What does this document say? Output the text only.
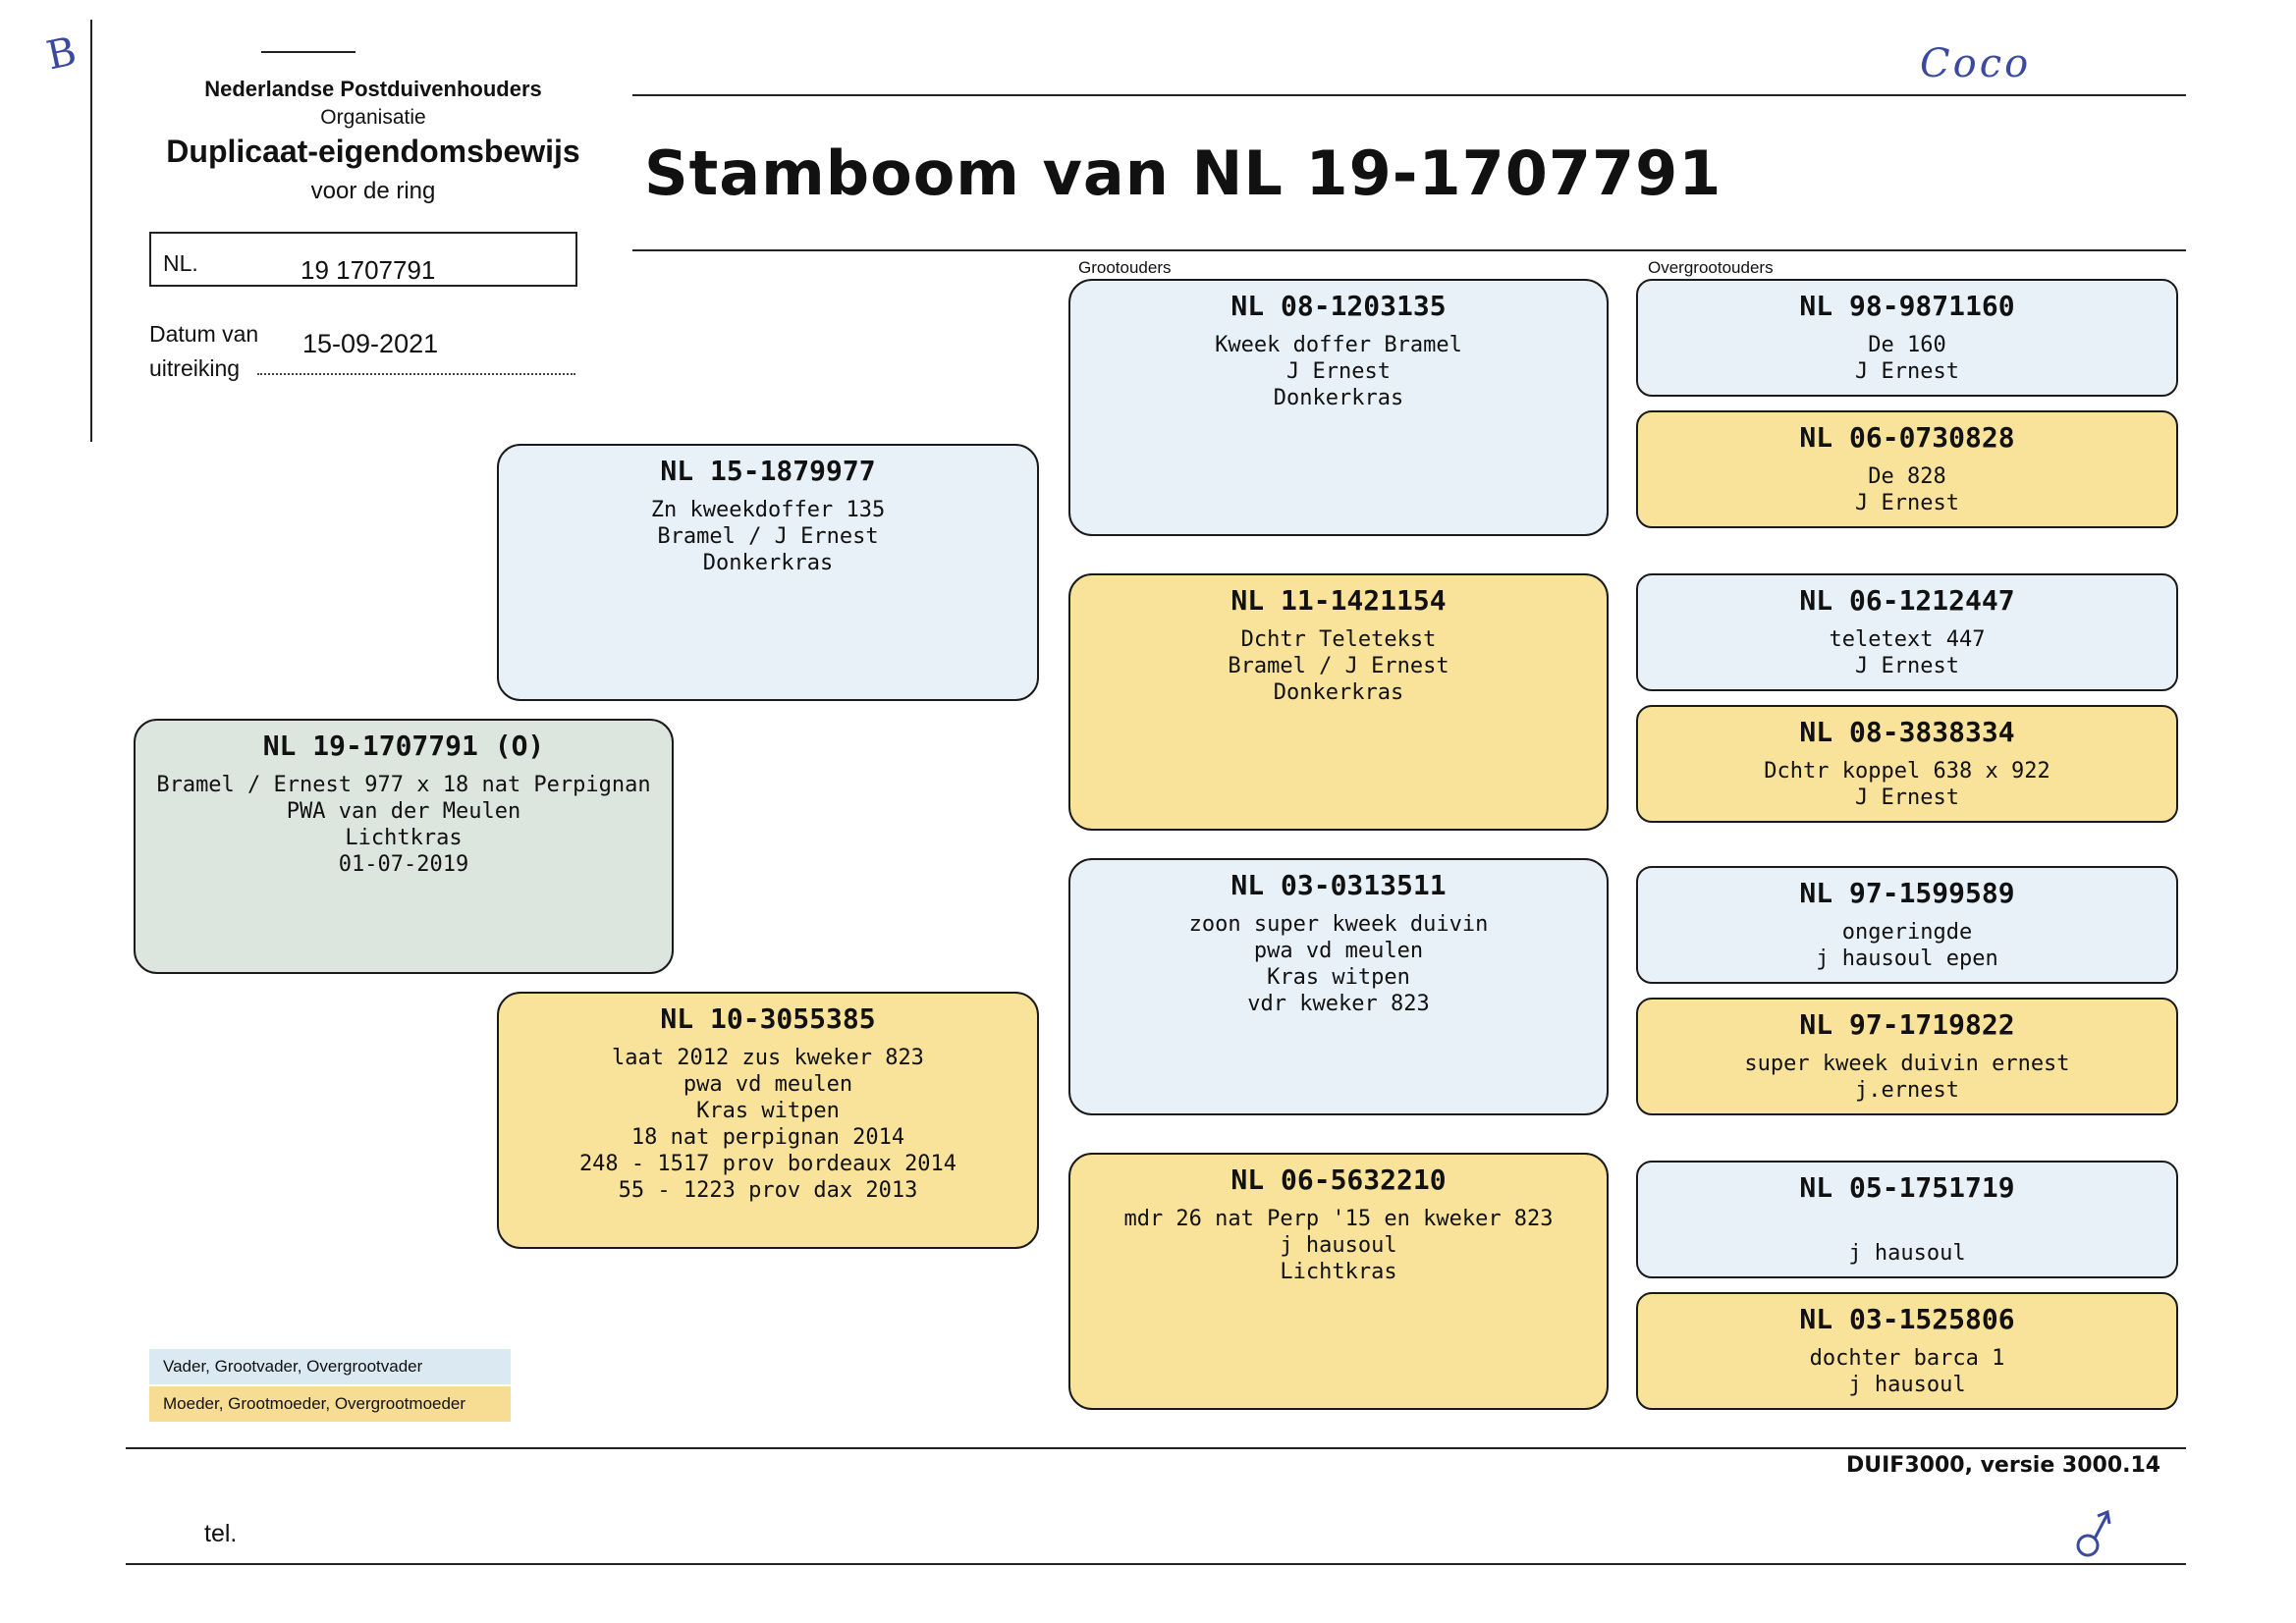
B	Coco
Nederlandse Postduivenhouders
Organisatie
Duplicaat-eigendomsbewijs
voor de ring
NL.	19 1707791
Datum van
uitreiking
15-09-2021
Stamboom van NL 19-1707791
Grootouders	Overgrootouders
NL 19-1707791 (O)
Bramel / Ernest 977 x 18 nat Perpignan
PWA van der Meulen
Lichtkras
01-07-2019
NL 15-1879977
Zn kweekdoffer 135
Bramel / J Ernest
Donkerkras
NL 10-3055385
laat 2012 zus kweker 823
pwa vd meulen
Kras witpen
18 nat perpignan 2014
248 - 1517 prov bordeaux 2014
55 - 1223 prov dax 2013
NL 08-1203135
Kweek doffer Bramel
J Ernest
Donkerkras
NL 11-1421154
Dchtr Teletekst
Bramel / J Ernest
Donkerkras
NL 03-0313511
zoon super kweek duivin
pwa vd meulen
Kras witpen
vdr kweker 823
NL 06-5632210
mdr 26 nat Perp '15 en kweker 823
j hausoul
Lichtkras
NL 98-9871160
De 160
J Ernest
NL 06-0730828
De 828
J Ernest
NL 06-1212447
teletext 447
J Ernest
NL 08-3838334
Dchtr koppel 638 x 922
J Ernest
NL 97-1599589
ongeringde
j hausoul epen
NL 97-1719822
super kweek duivin ernest
j.ernest
NL 05-1751719
j hausoul
NL 03-1525806
dochter barca 1
j hausoul
Vader, Grootvader, Overgrootvader
Moeder, Grootmoeder, Overgrootmoeder
DUIF3000, versie 3000.14
tel.
